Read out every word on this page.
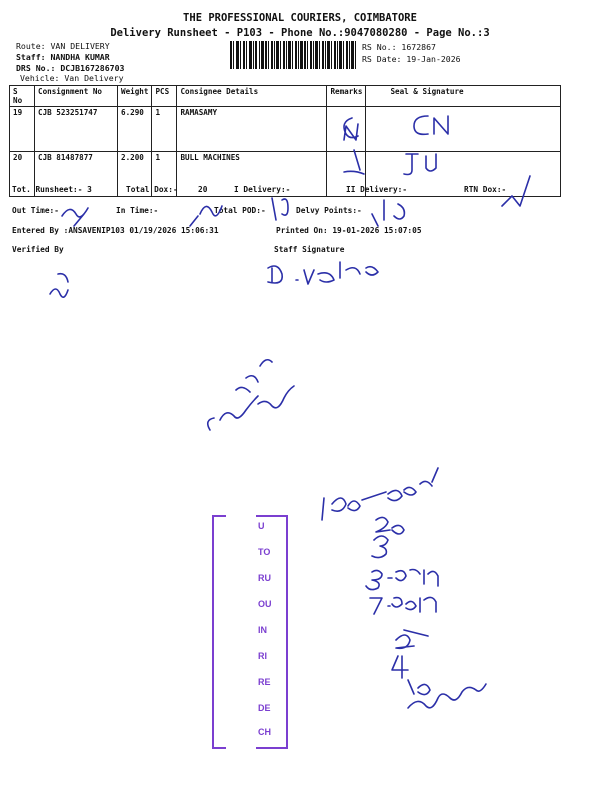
THE PROFESSIONAL COURIERS, COIMBATORE
Delivery Runsheet - P103 - Phone No.:9047080280 - Page No.:3
Route: VAN DELIVERY
Staff: NANDHA KUMAR
DRS No.: DCJB167286703
Vehicle: Van Delivery
RS No.: 1672867
RS Date: 19-Jan-2026
S No	Consignment No	Weight	PCS	Consignee Details	Remarks	Seal & Signature
19	CJB 523251747	6.290	1	RAMASAMY		
20	CJB 81487877	2.200	1	BULL MACHINES		
Tot. Runsheet:- 3	Total Dox:-	20	I Delivery:-	II Delivery:-	RTN Dox:-
Out Time:-	In Time:-	Total POD:-	Delvy Points:-
Entered By :ANSAVENIP103 01/19/2026 15:06:31	Printed On: 19-01-2026 15:07:05
Verified By	Staff Signature
U
TO
RU
OU
IN
RI
RE
DE
CH
